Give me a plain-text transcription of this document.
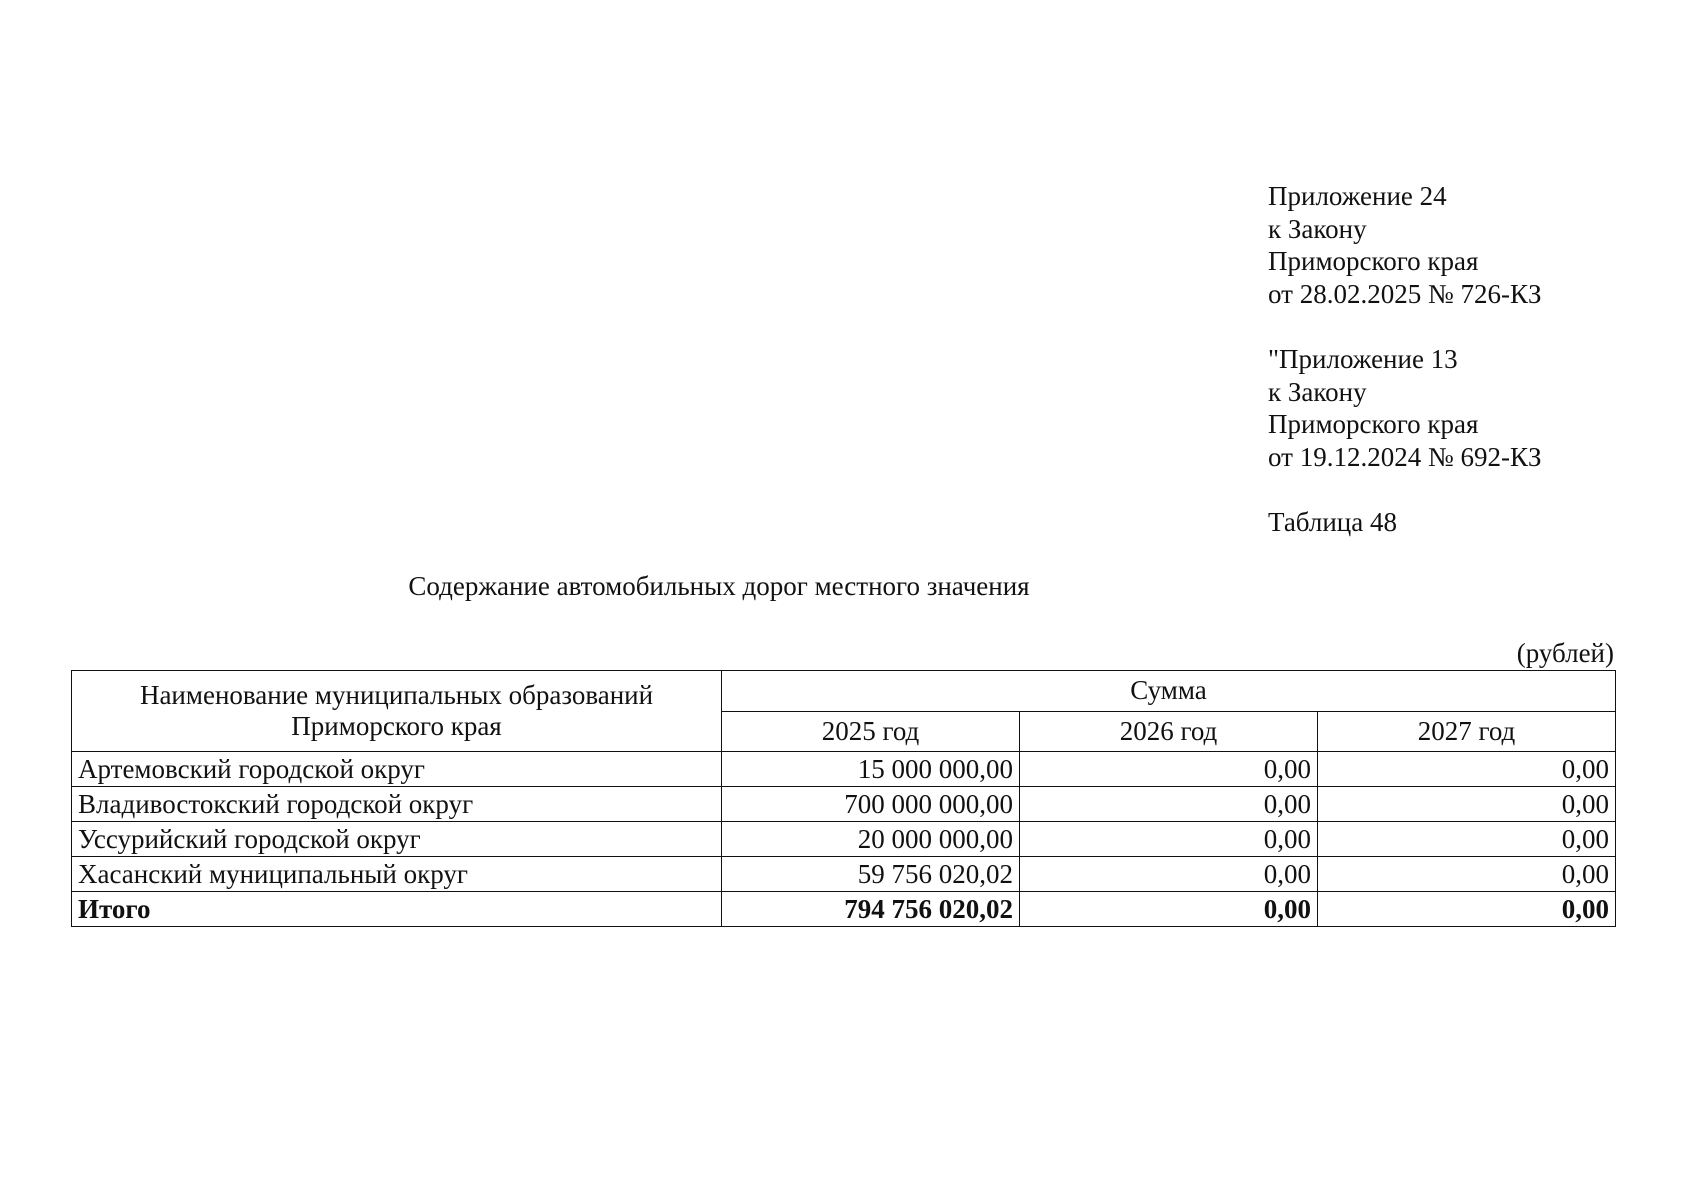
Приложение 24
к Закону
Приморского края
от 28.02.2025 № 726-КЗ
"Приложение 13
к Закону
Приморского края
от 19.12.2024 № 692-КЗ
Таблица 48
Содержание автомобильных дорог местного значения
(рублей)
Наименование муниципальных образований Приморского края	Сумма		
	2025 год	2026 год	2027 год
Артемовский городской округ	15 000 000,00	0,00	0,00
Владивостокский городской округ	700 000 000,00	0,00	0,00
Уссурийский городской округ	20 000 000,00	0,00	0,00
Хасанский муниципальный округ	59 756 020,02	0,00	0,00
Итого	794 756 020,02	0,00	0,00
